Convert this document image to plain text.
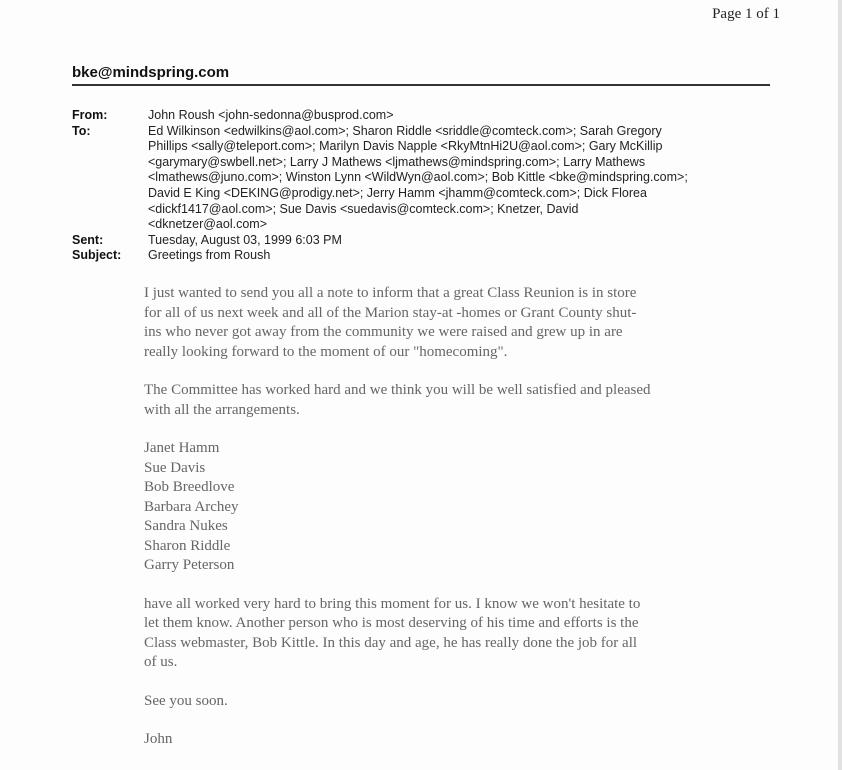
Page 1 of 1
bke@mindspring.com
From:	John Roush <john-sedonna@busprod.com>
To:	Ed Wilkinson <edwilkins@aol.com>; Sharon Riddle <sriddle@comteck.com>; Sarah Gregory
Phillips <sally@teleport.com>; Marilyn Davis Napple <RkyMtnHi2U@aol.com>; Gary McKillip
<garymary@swbell.net>; Larry J Mathews <ljmathews@mindspring.com>; Larry Mathews
<lmathews@juno.com>; Winston Lynn <WildWyn@aol.com>; Bob Kittle <bke@mindspring.com>;
David E King <DEKING@prodigy.net>; Jerry Hamm <jhamm@comteck.com>; Dick Florea
<dickf1417@aol.com>; Sue Davis <suedavis@comteck.com>; Knetzer, David
<dknetzer@aol.com>
Sent:	Tuesday, August 03, 1999 6:03 PM
Subject:	Greetings from Roush

I just wanted to send you all a note to inform that a great Class Reunion is in store
for all of us next week and all of the Marion stay-at -homes or Grant County shut-
ins who never got away from the community we were raised and grew up in are
really looking forward to the moment of our "homecoming".

The Committee has worked hard and we think you will be well satisfied and pleased
with all the arrangements.

Janet Hamm
Sue Davis
Bob Breedlove
Barbara Archey
Sandra Nukes
Sharon Riddle
Garry Peterson

have all worked very hard to bring this moment for us. I know we won't hesitate to
let them know. Another person who is most deserving of his time and efforts is the
Class webmaster, Bob Kittle. In this day and age, he has really done the job for all
of us.

See you soon.

John
